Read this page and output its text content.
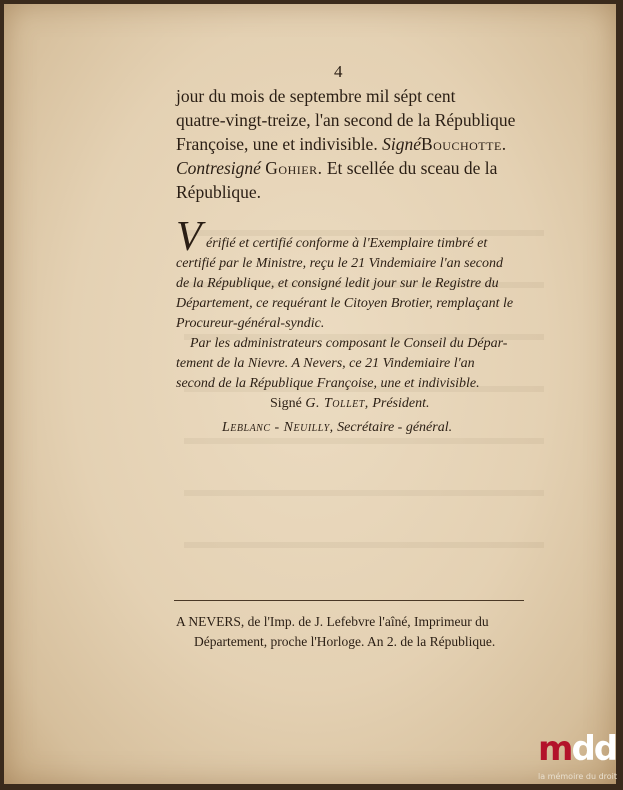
4
jour du mois de septembre mil sépt cent
quatre-vingt-treize, l'an second de la République
Françoise, une et indivisible. SignéBouchotte.
Contresigné Gohier. Et scellée du sceau de la
République.
V érifié et certifié conforme à l'Exemplaire timbré et
certifié par le Ministre, reçu le 21 Vindemiaire l'an second
de la République, et consigné ledit jour sur le Registre du
Département, ce requérant le Citoyen Brotier, remplaçant le
Procureur-général-syndic.
Par les administrateurs composant le Conseil du Dépar-
tement de la Nievre. A Nevers, ce 21 Vindemiaire l'an
second de la République Françoise, une et indivisible.
Signé G. Tollet, Président.
Leblanc - Neuilly, Secrétaire - général.
A NEVERS, de l'Imp. de J. Lefebvre l'aîné, Imprimeur du
Département, proche l'Horloge. An 2. de la République.
mdd
la mémoire du droit
